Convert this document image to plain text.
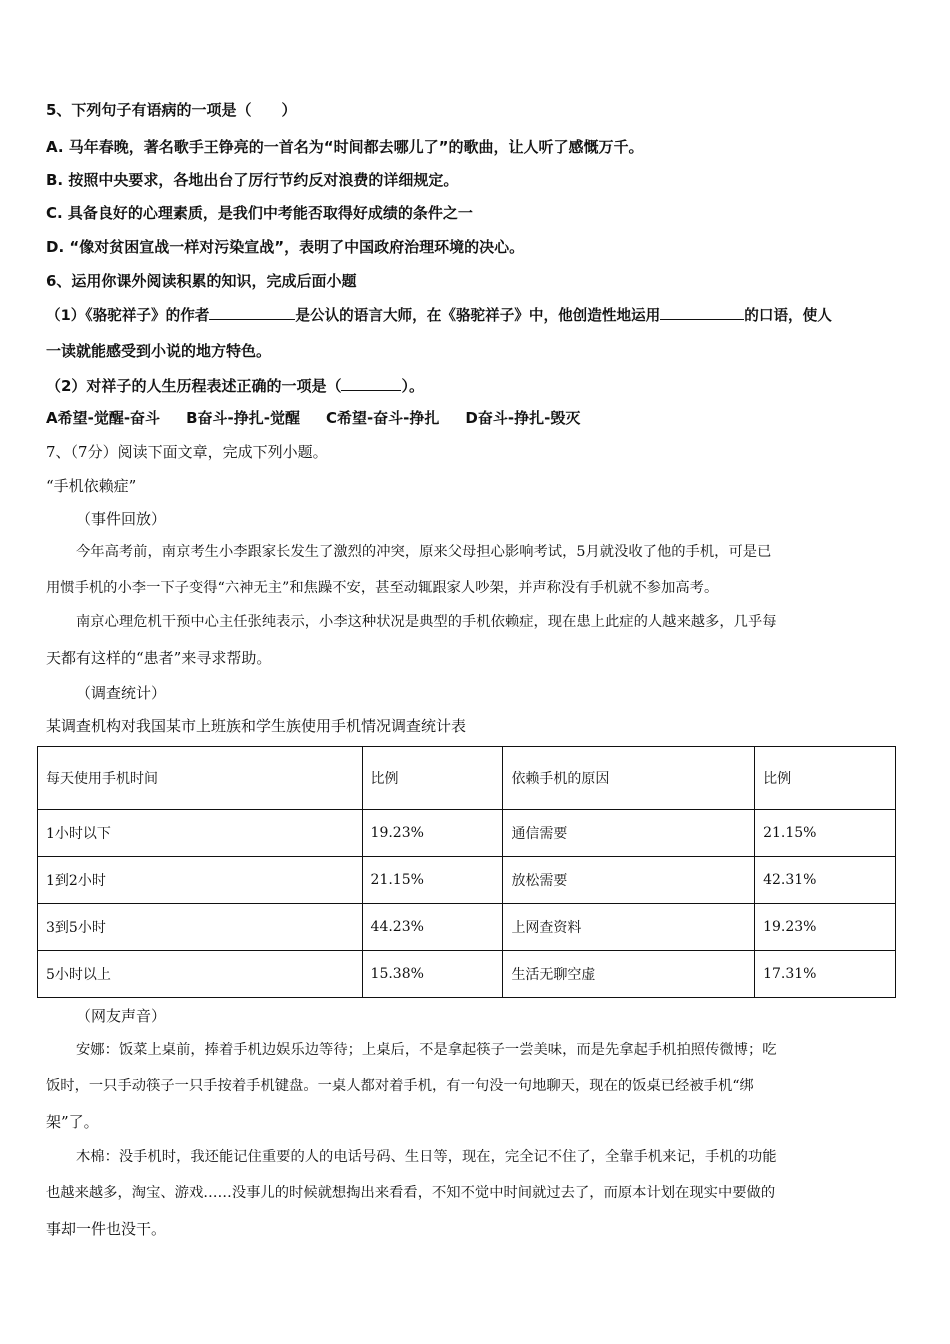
5、下列句子有语病的一项是（　　）
A. 马年春晚，著名歌手王铮亮的一首名为“时间都去哪儿了”的歌曲，让人听了感慨万千。
B. 按照中央要求，各地出台了厉行节约反对浪费的详细规定。
C. 具备良好的心理素质，是我们中考能否取得好成绩的条件之一
D. “像对贫困宣战一样对污染宣战”，表明了中国政府治理环境的决心。
6、运用你课外阅读积累的知识，完成后面小题
（1）《骆驼祥子》的作者	是公认的语言大师，在《骆驼祥子》中，他创造性地运用	的口语，使人
一读就能感受到小说的地方特色。
（2）对祥子的人生历程表述正确的一项是（	）。
A希望-觉醒-奋斗 B奋斗-挣扎-觉醒 C希望-奋斗-挣扎 D奋斗-挣扎-毁灭
7、（7分）阅读下面文章，完成下列小题。
“手机依赖症”
（事件回放）
今年高考前，南京考生小李跟家长发生了激烈的冲突，原来父母担心影响考试，5月就没收了他的手机，可是已
用惯手机的小李一下子变得“六神无主”和焦躁不安，甚至动辄跟家人吵架，并声称没有手机就不参加高考。
南京心理危机干预中心主任张纯表示，小李这种状况是典型的手机依赖症，现在患上此症的人越来越多，几乎每
天都有这样的“患者”来寻求帮助。
（调查统计）
某调查机构对我国某市上班族和学生族使用手机情况调查统计表
每天使用手机时间	比例	依赖手机的原因	比例
1小时以下	19.23%	通信需要	21.15%
1到2小时	21.15%	放松需要	42.31%
3到5小时	44.23%	上网查资料	19.23%
5小时以上	15.38%	生活无聊空虚	17.31%
（网友声音）
安娜：饭菜上桌前，捧着手机边娱乐边等待；上桌后，不是拿起筷子一尝美味，而是先拿起手机拍照传微博；吃
饭时，一只手动筷子一只手按着手机键盘。一桌人都对着手机，有一句没一句地聊天，现在的饭桌已经被手机“绑
架”了。
木棉：没手机时，我还能记住重要的人的电话号码、生日等，现在，完全记不住了，全靠手机来记，手机的功能
也越来越多，淘宝、游戏……没事儿的时候就想掏出来看看，不知不觉中时间就过去了，而原本计划在现实中要做的
事却一件也没干。
